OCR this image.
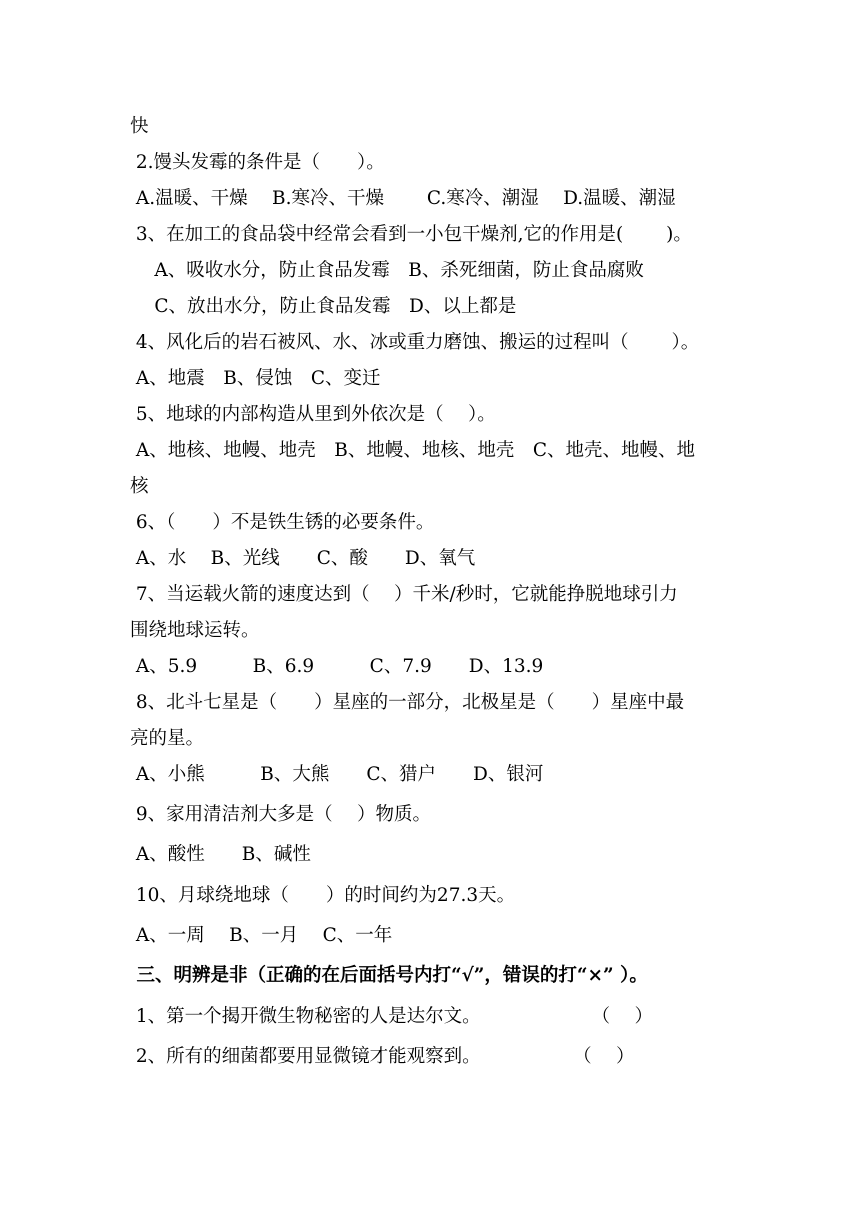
快
2.馒头发霉的条件是（　　）。
A.温暖、干燥　 B.寒冷、干燥　　 C.寒冷、潮湿　 D.温暖、潮湿
3、在加工的食品袋中经常会看到一小包干燥剂,它的作用是(　　 )。
　 A、吸收水分，防止食品发霉　B、杀死细菌，防止食品腐败
　 C、放出水分，防止食品发霉　D、以上都是
4、风化后的岩石被风、水、冰或重力磨蚀、搬运的过程叫（　　 ）。
A、地震　B、侵蚀　C、变迁
5、地球的内部构造从里到外依次是（　 ）。
A、地核、地幔、地壳　B、地幔、地核、地壳　C、地壳、地幔、地
核
6、（　　）不是铁生锈的必要条件。
A、水　 B、光线　　C、酸　　D、氧气
7、当运载火箭的速度达到（　 ）千米/秒时，它就能挣脱地球引力
围绕地球运转。
A、5.9　　　B、6.9　　　C、7.9　　D、13.9
8、北斗七星是（　　）星座的一部分，北极星是（　　）星座中最
亮的星。
A、小熊　　　B、大熊　　C、猎户　　D、银河
9、家用清洁剂大多是（　 ）物质。
A、酸性　　B、碱性
10、月球绕地球（　　）的时间约为27.3天。
A、一周　 B、一月　 C、一年
三、明辨是非（正确的在后面括号内打“√”，错误的打“×” ）。
1、第一个揭开微生物秘密的人是达尔文。　　　　　　　（　 ）
2、所有的细菌都要用显微镜才能观察到。　　　　　　（　 ）
